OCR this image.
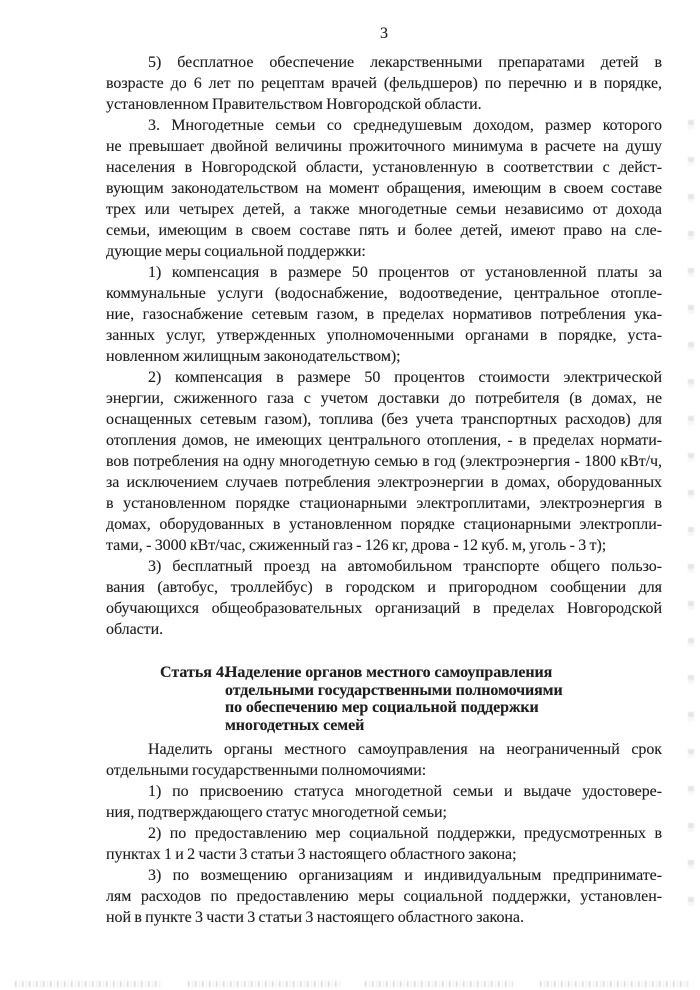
3
5) бесплатное обеспечение лекарственными препаратами детей в
возрасте до 6 лет по рецептам врачей (фельдшеров) по перечню и в порядке,
установленном Правительством Новгородской области.
3. Многодетные семьи со среднедушевым доходом, размер которого
не превышает двойной величины прожиточного минимума в расчете на душу
населения в Новгородской области, установленную в соответствии с дейст-
вующим законодательством на момент обращения, имеющим в своем составе
трех или четырех детей, а также многодетные семьи независимо от дохода
семьи, имеющим в своем составе пять и более детей, имеют право на сле-
дующие меры социальной поддержки:
1) компенсация в размере 50 процентов от установленной платы за
коммунальные услуги (водоснабжение, водоотведение, центральное отопле-
ние, газоснабжение сетевым газом, в пределах нормативов потребления ука-
занных услуг, утвержденных уполномоченными органами в порядке, уста-
новленном жилищным законодательством);
2) компенсация в размере 50 процентов стоимости электрической
энергии, сжиженного газа с учетом доставки до потребителя (в домах, не
оснащенных сетевым газом), топлива (без учета транспортных расходов) для
отопления домов, не имеющих центрального отопления, - в пределах нормати-
вов потребления на одну многодетную семью в год (электроэнергия - 1800 кВт/ч,
за исключением случаев потребления электроэнергии в домах, оборудованных
в установленном порядке стационарными электроплитами, электроэнергия в
домах, оборудованных в установленном порядке стационарными электропли-
тами, - 3000 кВт/час, сжиженный газ - 126 кг, дрова - 12 куб. м, уголь - 3 т);
3) бесплатный проезд на автомобильном транспорте общего пользо-
вания (автобус, троллейбус) в городском и пригородном сообщении для
обучающихся общеобразовательных организаций в пределах Новгородской
области.
Статья 4.
Наделение органов местного самоуправления
отдельными государственными полномочиями
по обеспечению мер социальной поддержки
многодетных семей
Наделить органы местного самоуправления на неограниченный срок
отдельными государственными полномочиями:
1) по присвоению статуса многодетной семьи и выдаче удостовере-
ния, подтверждающего статус многодетной семьи;
2) по предоставлению мер социальной поддержки, предусмотренных в
пунктах 1 и 2 части 3 статьи 3 настоящего областного закона;
3) по возмещению организациям и индивидуальным предпринимате-
лям расходов по предоставлению меры социальной поддержки, установлен-
ной в пункте 3 части 3 статьи 3 настоящего областного закона.
